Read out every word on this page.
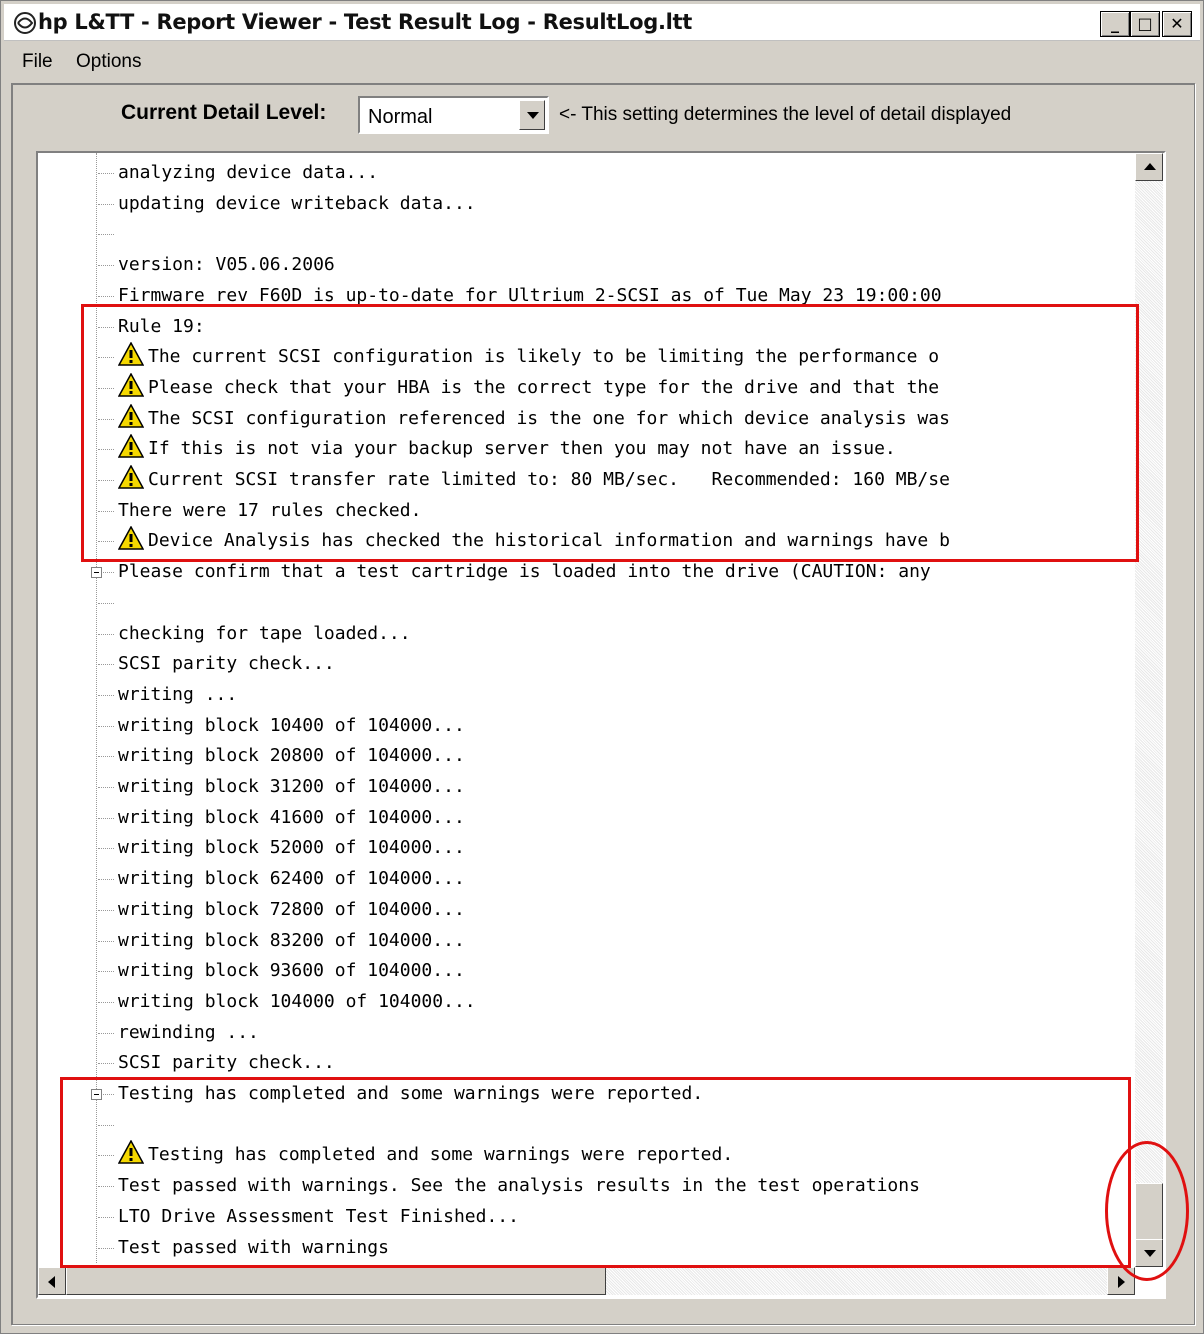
hp L&TT - Report Viewer - Test Result Log - ResultLog.ltt	_	□	✕
File Options
Current Detail Level: Normal	<- This setting determines the level of detail displayed
analyzing device data...
updating device writeback data...
version: V05.06.2006
Firmware rev F60D is up-to-date for Ultrium 2-SCSI as of Tue May 23 19:00:00
Rule 19:
The current SCSI configuration is likely to be limiting the performance o
Please check that your HBA is the correct type for the drive and that the
The SCSI configuration referenced is the one for which device analysis was
If this is not via your backup server then you may not have an issue.
Current SCSI transfer rate limited to: 80 MB/sec.   Recommended: 160 MB/se
There were 17 rules checked.
Device Analysis has checked the historical information and warnings have b
Please confirm that a test cartridge is loaded into the drive (CAUTION: any
checking for tape loaded...
SCSI parity check...
writing ...
writing block 10400 of 104000...
writing block 20800 of 104000...
writing block 31200 of 104000...
writing block 41600 of 104000...
writing block 52000 of 104000...
writing block 62400 of 104000...
writing block 72800 of 104000...
writing block 83200 of 104000...
writing block 93600 of 104000...
writing block 104000 of 104000...
rewinding ...
SCSI parity check...
Testing has completed and some warnings were reported.
Testing has completed and some warnings were reported.
Test passed with warnings. See the analysis results in the test operations
LTO Drive Assessment Test Finished...
Test passed with warnings
